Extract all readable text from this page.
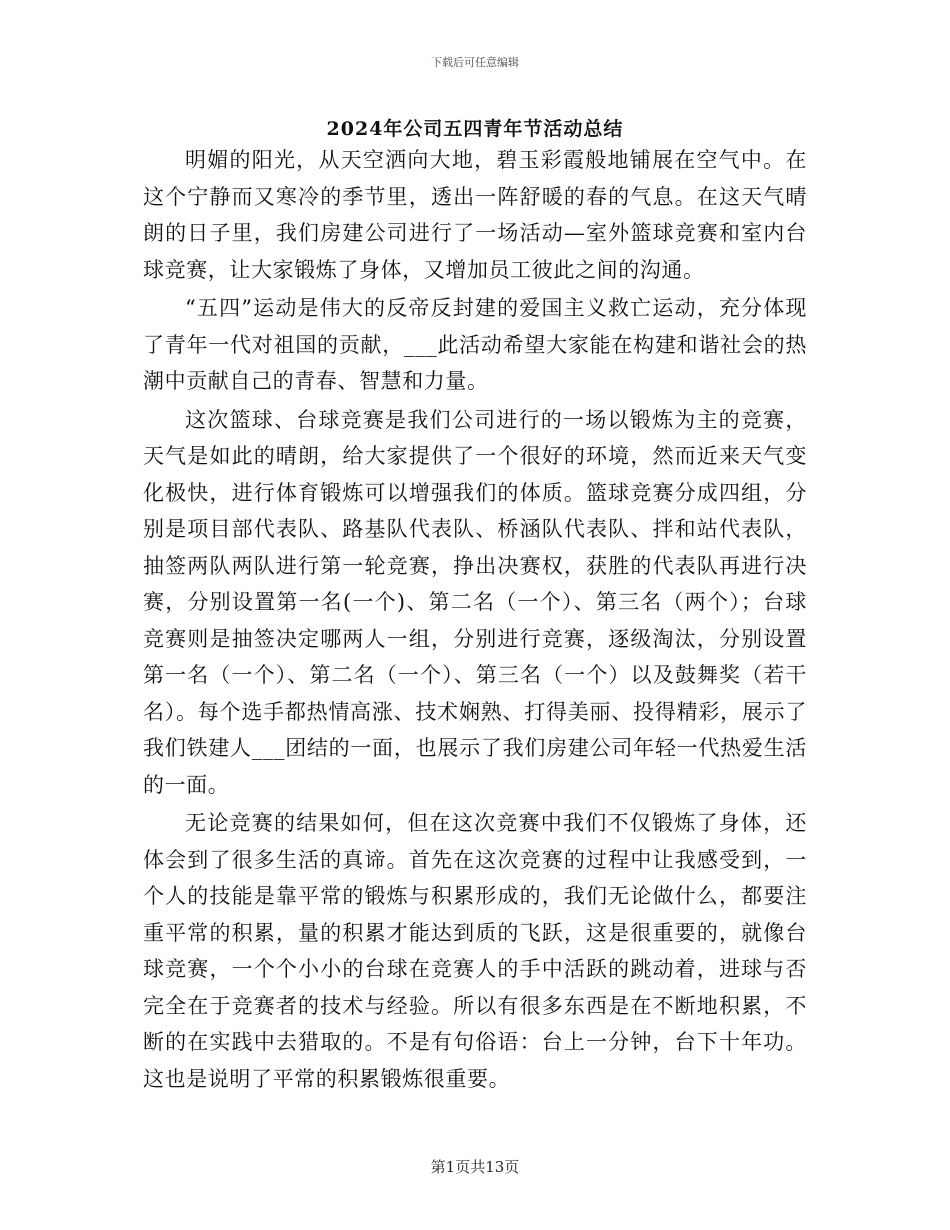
下载后可任意编辑
2024年公司五四青年节活动总结

明媚的阳光，从天空洒向大地，碧玉彩霞般地铺展在空气中。在这个宁静而又寒冷的季节里，透出一阵舒暖的春的气息。在这天气晴朗的日子里，我们房建公司进行了一场活动—室外篮球竞赛和室内台球竞赛，让大家锻炼了身体，又增加员工彼此之间的沟通。

“五四”运动是伟大的反帝反封建的爱国主义救亡运动，充分体现了青年一代对祖国的贡献，___此活动希望大家能在构建和谐社会的热潮中贡献自己的青春、智慧和力量。

这次篮球、台球竞赛是我们公司进行的一场以锻炼为主的竞赛，天气是如此的晴朗，给大家提供了一个很好的环境，然而近来天气变化极快，进行体育锻炼可以增强我们的体质。篮球竞赛分成四组，分别是项目部代表队、路基队代表队、桥涵队代表队、拌和站代表队，抽签两队两队进行第一轮竞赛，挣出决赛权，获胜的代表队再进行决赛，分别设置第一名(一个)、第二名（一个）、第三名（两个）；台球竞赛则是抽签决定哪两人一组，分别进行竞赛，逐级淘汰，分别设置第一名（一个）、第二名（一个）、第三名（一个）以及鼓舞奖（若干名）。每个选手都热情高涨、技术娴熟、打得美丽、投得精彩，展示了我们铁建人___团结的一面，也展示了我们房建公司年轻一代热爱生活的一面。

无论竞赛的结果如何，但在这次竞赛中我们不仅锻炼了身体，还体会到了很多生活的真谛。首先在这次竞赛的过程中让我感受到，一个人的技能是靠平常的锻炼与积累形成的，我们无论做什么，都要注重平常的积累，量的积累才能达到质的飞跃，这是很重要的，就像台球竞赛，一个个小小的台球在竞赛人的手中活跃的跳动着，进球与否完全在于竞赛者的技术与经验。所以有很多东西是在不断地积累，不断的在实践中去猎取的。不是有句俗语：台上一分钟，台下十年功。这也是说明了平常的积累锻炼很重要。

第1页共13页
